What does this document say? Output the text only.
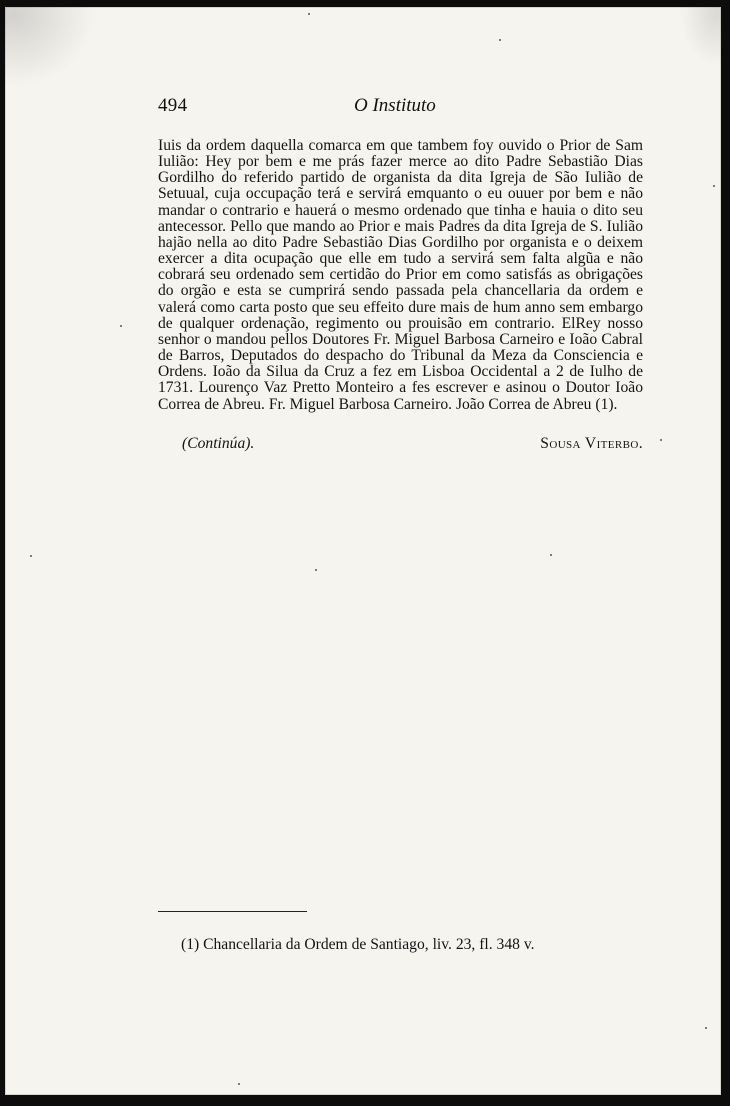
494	O Instituto

Iuis da ordem daquella comarca em que tambem foy ouvido o Prior de Sam Iulião: Hey por bem e me prás fazer merce ao dito Padre Sebastião Dias Gordilho do referido partido de organista da dita Igreja de São Iulião de Setuual, cuja occupação terá e servirá emquanto o eu ouuer por bem e não mandar o contrario e hauerá o mesmo ordenado que tinha e hauia o dito seu antecessor. Pello que mando ao Prior e mais Padres da dita Igreja de S. Iulião hajão nella ao dito Padre Sebastião Dias Gordilho por organista e o deixem exercer a dita ocupação que elle em tudo a servirá sem falta algũa e não cobrará seu ordenado sem certidão do Prior em como satisfás as obrigações do orgão e esta se cumprirá sendo passada pela chancellaria da ordem e valerá como carta posto que seu effeito dure mais de hum anno sem embargo de qualquer ordenação, regimento ou prouisão em contrario. ElRey nosso senhor o mandou pellos Doutores Fr. Miguel Barbosa Carneiro e Ioão Cabral de Barros, Deputados do despacho do Tribunal da Meza da Consciencia e Ordens. Ioão da Silua da Cruz a fez em Lisboa Occidental a 2 de Iulho de 1731. Lourenço Vaz Pretto Monteiro a fes escrever e asinou o Doutor Ioão Correa de Abreu. Fr. Miguel Barbosa Carneiro. João Correa de Abreu (1).

(Continúa).	Sousa Viterbo.
(1) Chancellaria da Ordem de Santiago, liv. 23, fl. 348 v.
